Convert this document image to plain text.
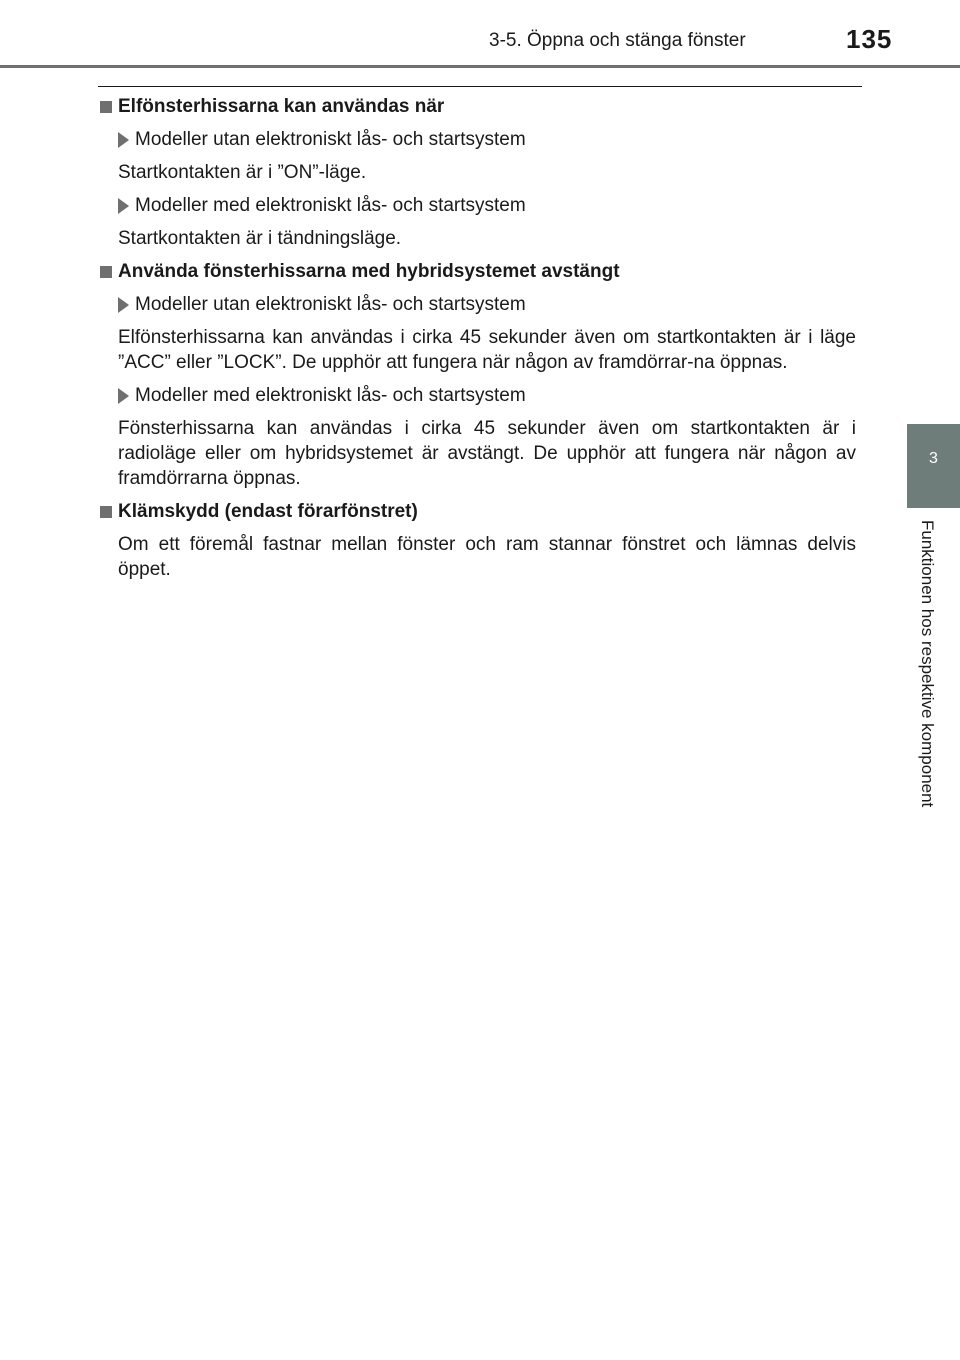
3-5. Öppna och stänga fönster	135
3
Funktionen hos respektive komponent
Elfönsterhissarna kan användas när
Modeller utan elektroniskt lås- och startsystem
Startkontakten är i ”ON”-läge.
Modeller med elektroniskt lås- och startsystem
Startkontakten är i tändningsläge.
Använda fönsterhissarna med hybridsystemet avstängt
Modeller utan elektroniskt lås- och startsystem
Elfönsterhissarna kan användas i cirka 45 sekunder även om startkontakten är i läge ”ACC” eller ”LOCK”. De upphör att fungera när någon av framdörrar-na öppnas.
Modeller med elektroniskt lås- och startsystem
Fönsterhissarna kan användas i cirka 45 sekunder även om startkontakten är i radioläge eller om hybridsystemet är avstängt. De upphör att fungera när någon av framdörrarna öppnas.
Klämskydd (endast förarfönstret)
Om ett föremål fastnar mellan fönster och ram stannar fönstret och lämnas delvis öppet.
